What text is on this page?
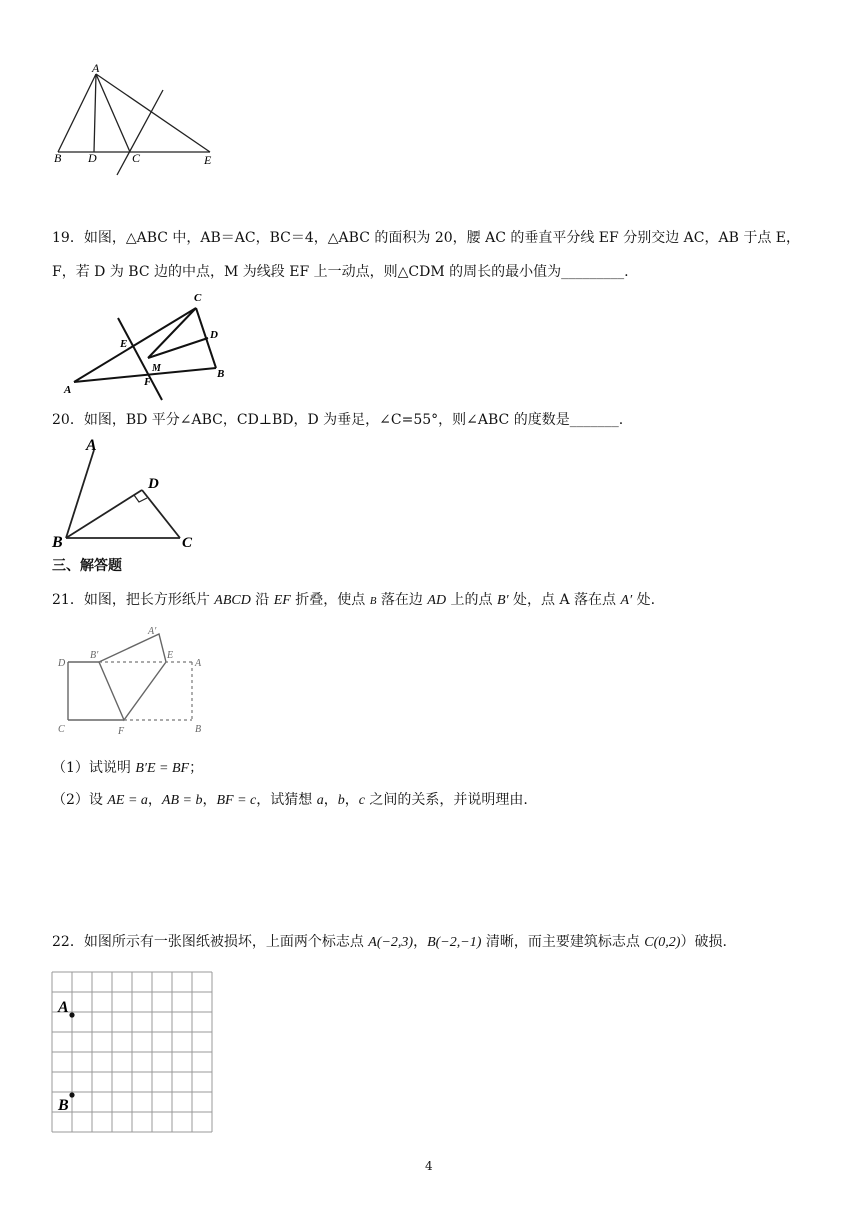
A
B D	C	E
19．如图，△ABC 中，AB＝AC，BC＝4，△ABC 的面积为 20，腰 AC 的垂直平分线 EF 分别交边 AC，AB 于点 E，
F，若 D 为 BC 边的中点，M 为线段 EF 上一动点，则△CDM 的周长的最小值为_________.
C
D
E
M
F
A
B
20．如图，BD 平分∠ABC，CD⊥BD，D 为垂足，∠C=55°，则∠ABC 的度数是_______.
A
D
B	C
三、解答题
21．如图，把长方形纸片 ABCD 沿 EF 折叠，使点 B 落在边 AD 上的点 B′ 处，点 A 落在点 A′ 处.
A′
B′
D
E
A
C	F	B
（1）试说明 B′E = BF；
（2）设 AE = a，AB = b，BF = c，试猜想 a，b，c 之间的关系，并说明理由.
22．如图所示有一张图纸被损坏，上面两个标志点 A(−2,3)，B(−2,−1) 清晰，而主要建筑标志点 C(0,2)）破损.
A
B
4
